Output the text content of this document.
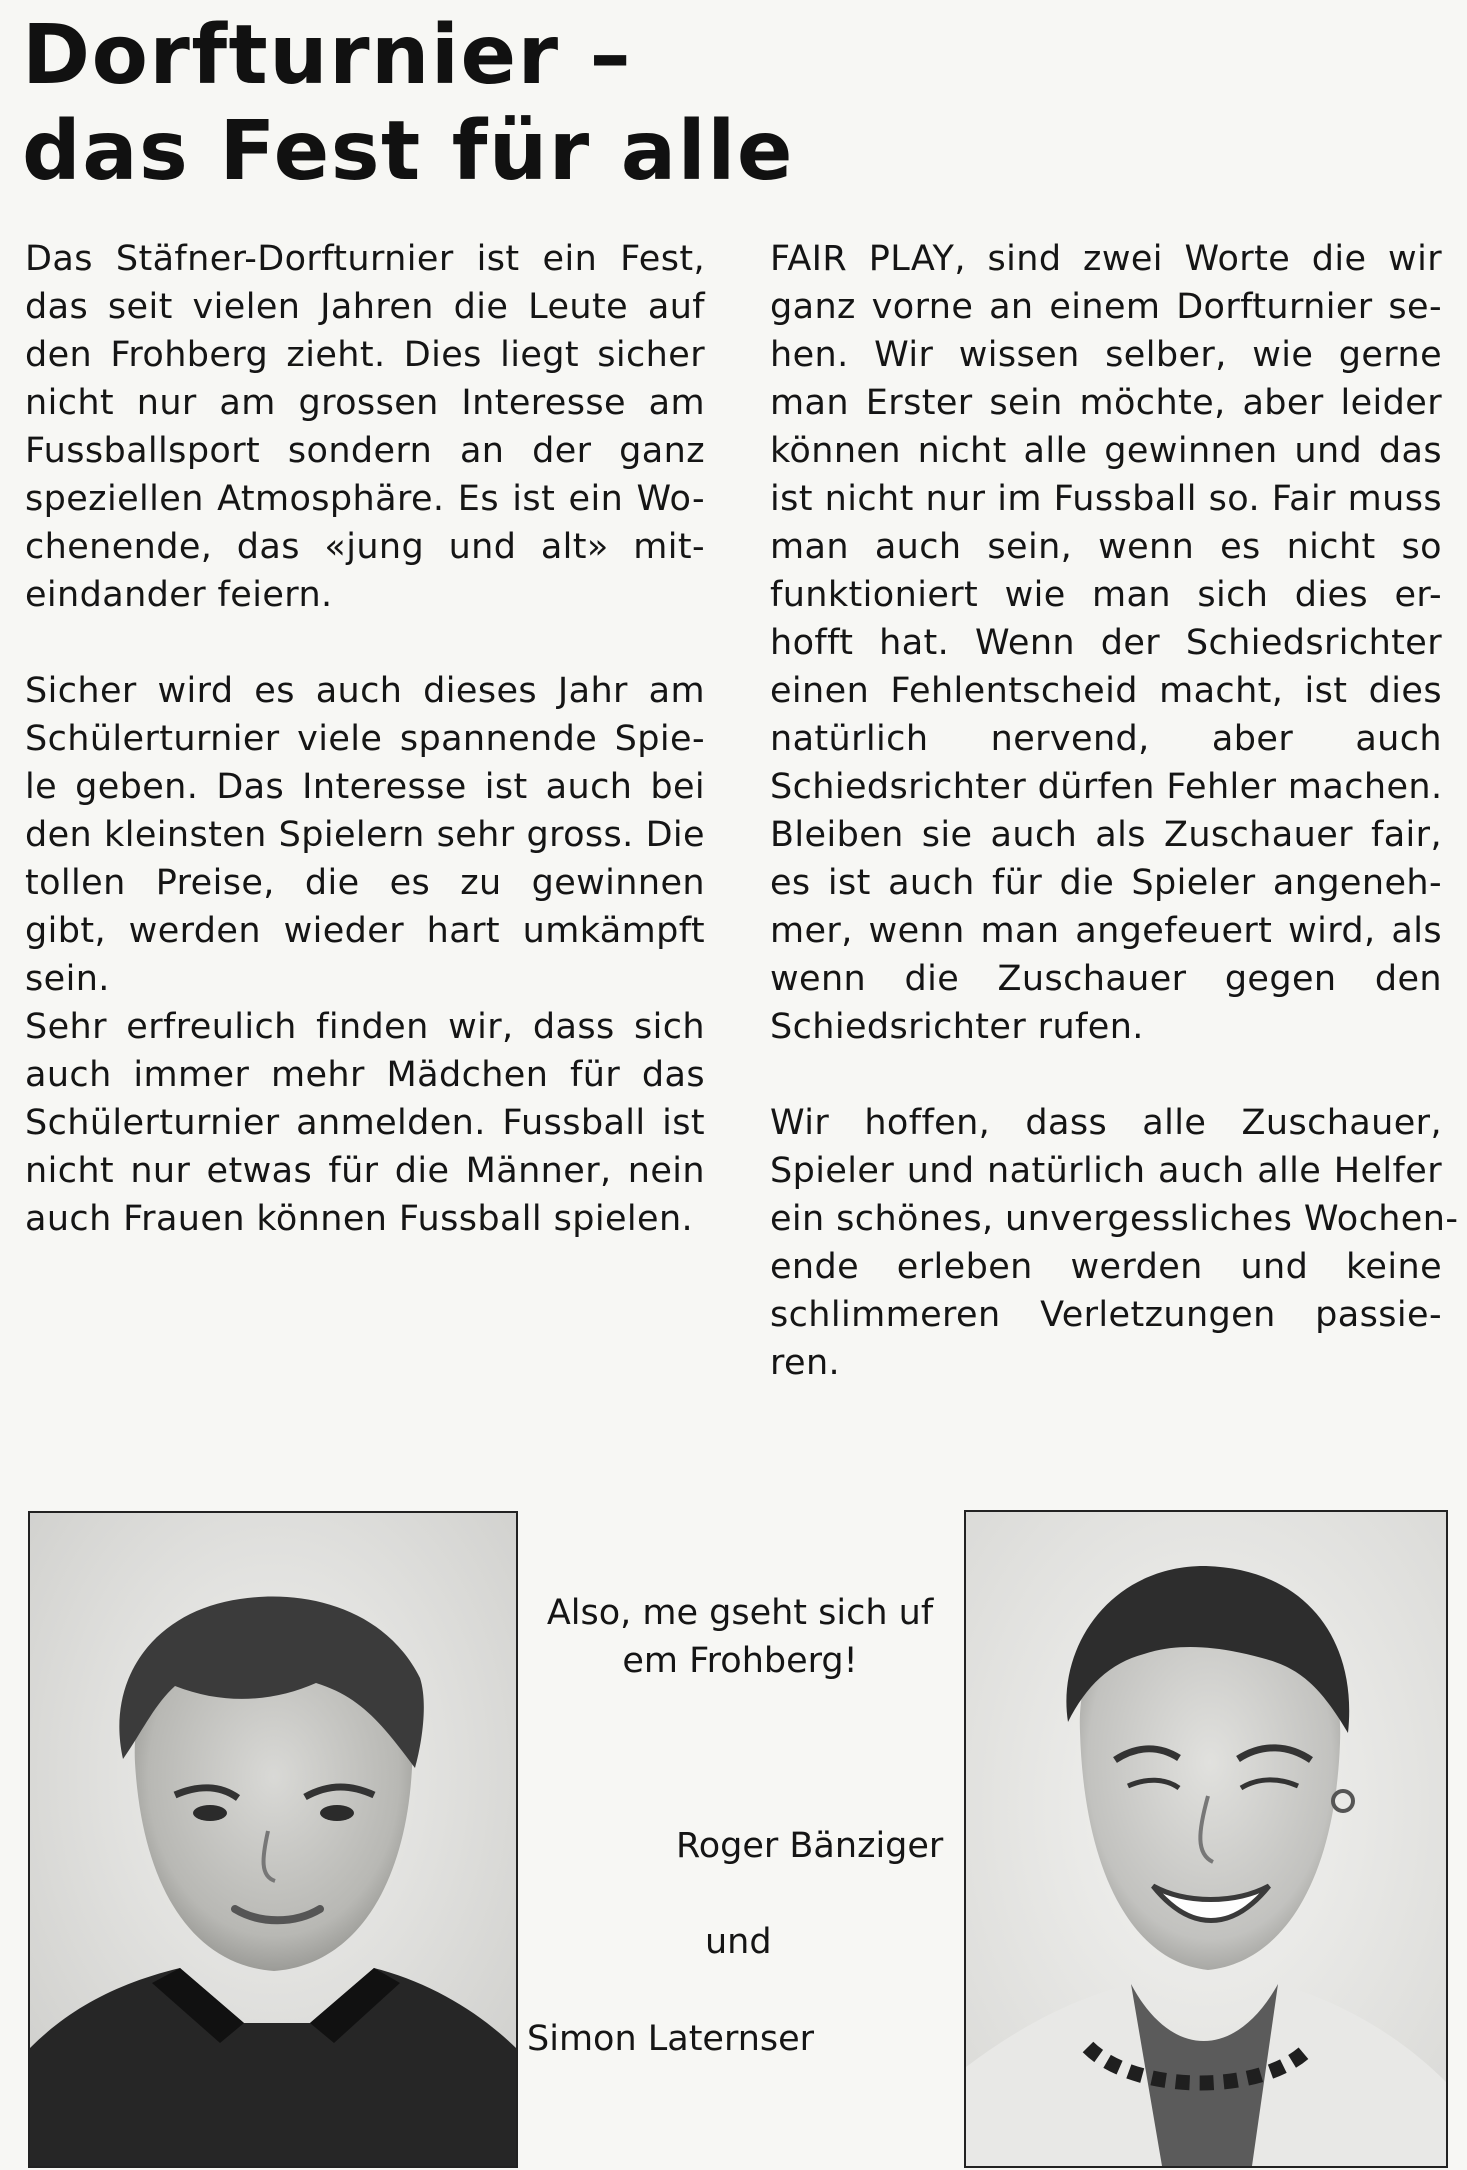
Dorfturnier –
das Fest für alle
Das Stäfner-Dorfturnier ist ein Fest,
das seit vielen Jahren die Leute auf
den Frohberg zieht. Dies liegt sicher
nicht nur am grossen Interesse am
Fussballsport sondern an der ganz
speziellen Atmosphäre. Es ist ein Wo-
chenende, das «jung und alt» mit-
eindander feiern.
Sicher wird es auch dieses Jahr am
Schülerturnier viele spannende Spie-
le geben. Das Interesse ist auch bei
den kleinsten Spielern sehr gross. Die
tollen Preise, die es zu gewinnen
gibt, werden wieder hart umkämpft
sein.
Sehr erfreulich finden wir, dass sich
auch immer mehr Mädchen für das
Schülerturnier anmelden. Fussball ist
nicht nur etwas für die Männer, nein
auch Frauen können Fussball spielen.
FAIR PLAY, sind zwei Worte die wir
ganz vorne an einem Dorfturnier se-
hen. Wir wissen selber, wie gerne
man Erster sein möchte, aber leider
können nicht alle gewinnen und das
ist nicht nur im Fussball so. Fair muss
man auch sein, wenn es nicht so
funktioniert wie man sich dies er-
hofft hat. Wenn der Schiedsrichter
einen Fehlentscheid macht, ist dies
natürlich nervend, aber auch
Schiedsrichter dürfen Fehler machen.
Bleiben sie auch als Zuschauer fair,
es ist auch für die Spieler angeneh-
mer, wenn man angefeuert wird, als
wenn die Zuschauer gegen den
Schiedsrichter rufen.
Wir hoffen, dass alle Zuschauer,
Spieler und natürlich auch alle Helfer
ein schönes, unvergessliches Wochen-
ende erleben werden und keine
schlimmeren Verletzungen passie-
ren.
Also, me gseht sich uf
em Frohberg!
Roger Bänziger
und
Simon Laternser
